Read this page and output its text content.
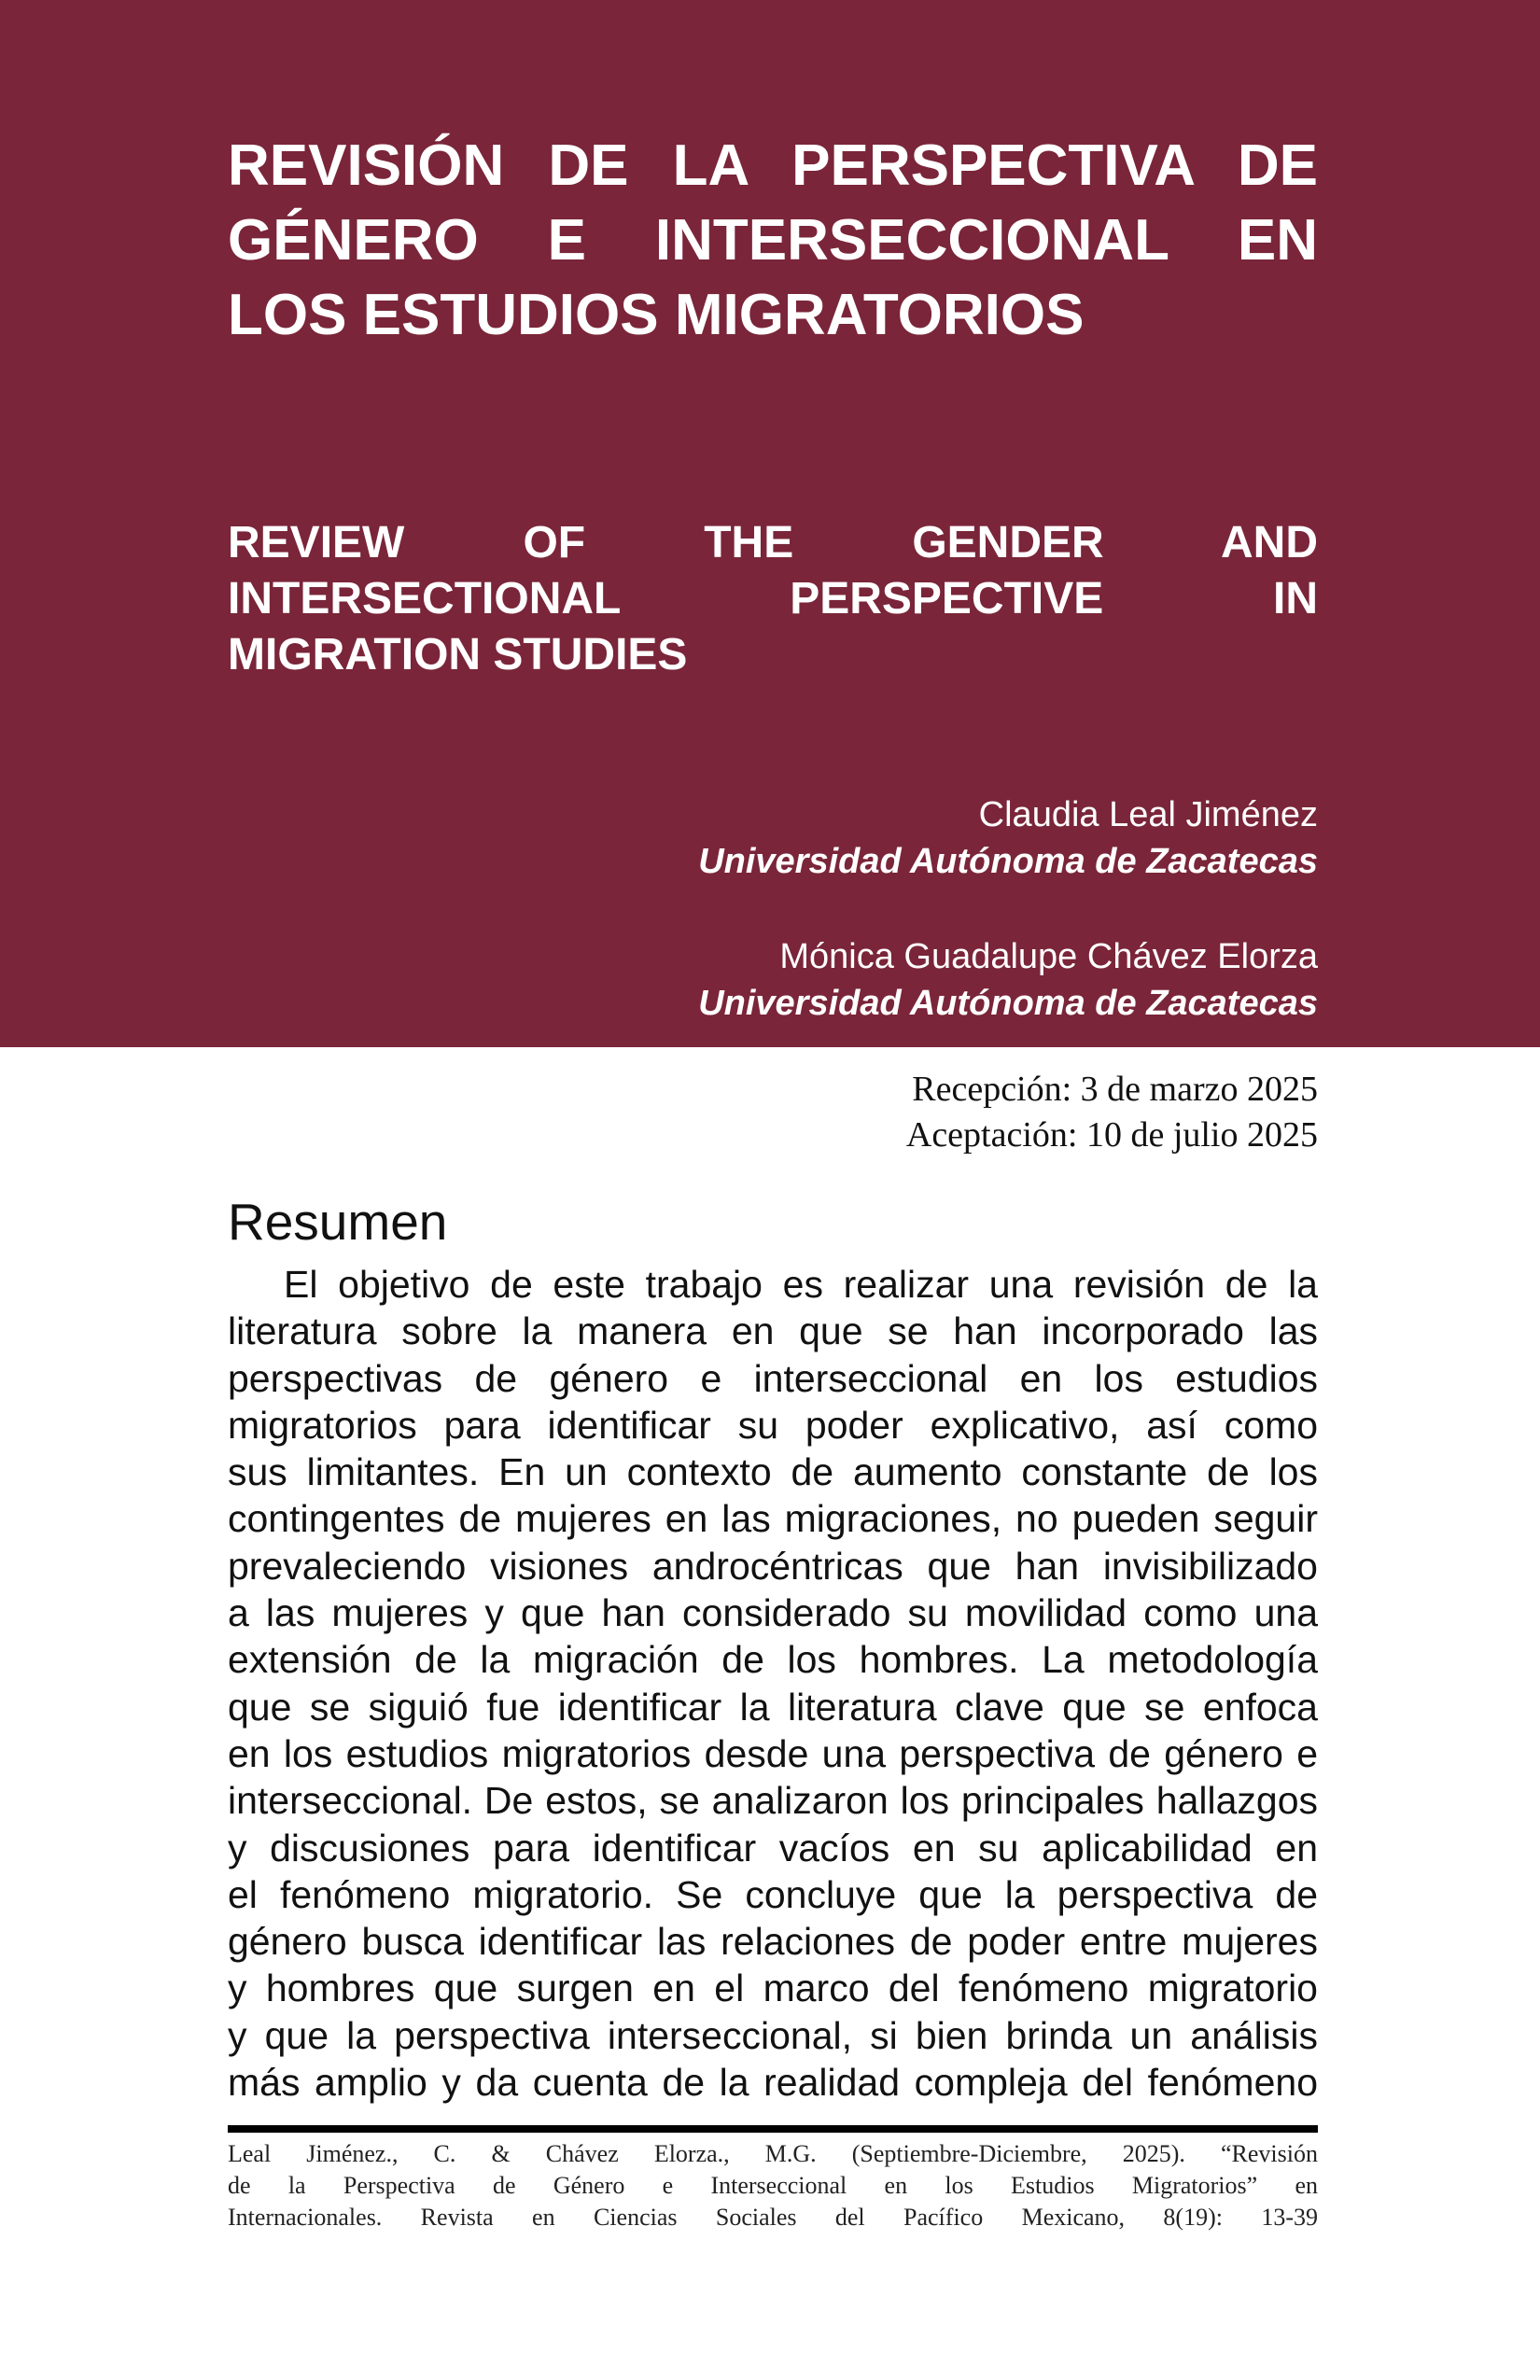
REVISIÓN DE LA PERSPECTIVA DE
GÉNERO E INTERSECCIONAL EN
LOS ESTUDIOS MIGRATORIOS
REVIEW OF THE GENDER AND
INTERSECTIONAL PERSPECTIVE IN
MIGRATION STUDIES
Claudia Leal Jiménez
Universidad Autónoma de Zacatecas
Mónica Guadalupe Chávez Elorza
Universidad Autónoma de Zacatecas
Recepción: 3 de marzo 2025
Aceptación: 10 de julio 2025
Resumen
El objetivo de este trabajo es realizar una revisión de la
literatura sobre la manera en que se han incorporado las
perspectivas de género e interseccional en los estudios
migratorios para identificar su poder explicativo, así como
sus limitantes. En un contexto de aumento constante de los
contingentes de mujeres en las migraciones, no pueden seguir
prevaleciendo visiones androcéntricas que han invisibilizado
a las mujeres y que han considerado su movilidad como una
extensión de la migración de los hombres. La metodología
que se siguió fue identificar la literatura clave que se enfoca
en los estudios migratorios desde una perspectiva de género e
interseccional. De estos, se analizaron los principales hallazgos
y discusiones para identificar vacíos en su aplicabilidad en
el fenómeno migratorio. Se concluye que la perspectiva de
género busca identificar las relaciones de poder entre mujeres
y hombres que surgen en el marco del fenómeno migratorio
y que la perspectiva interseccional, si bien brinda un análisis
más amplio y da cuenta de la realidad compleja del fenómeno
Leal Jiménez., C. & Chávez Elorza., M.G. (Septiembre-Diciembre, 2025). “Revisión
de la Perspectiva de Género e Interseccional en los Estudios Migratorios” en
Internacionales. Revista en Ciencias Sociales del Pacífico Mexicano, 8(19): 13-39
